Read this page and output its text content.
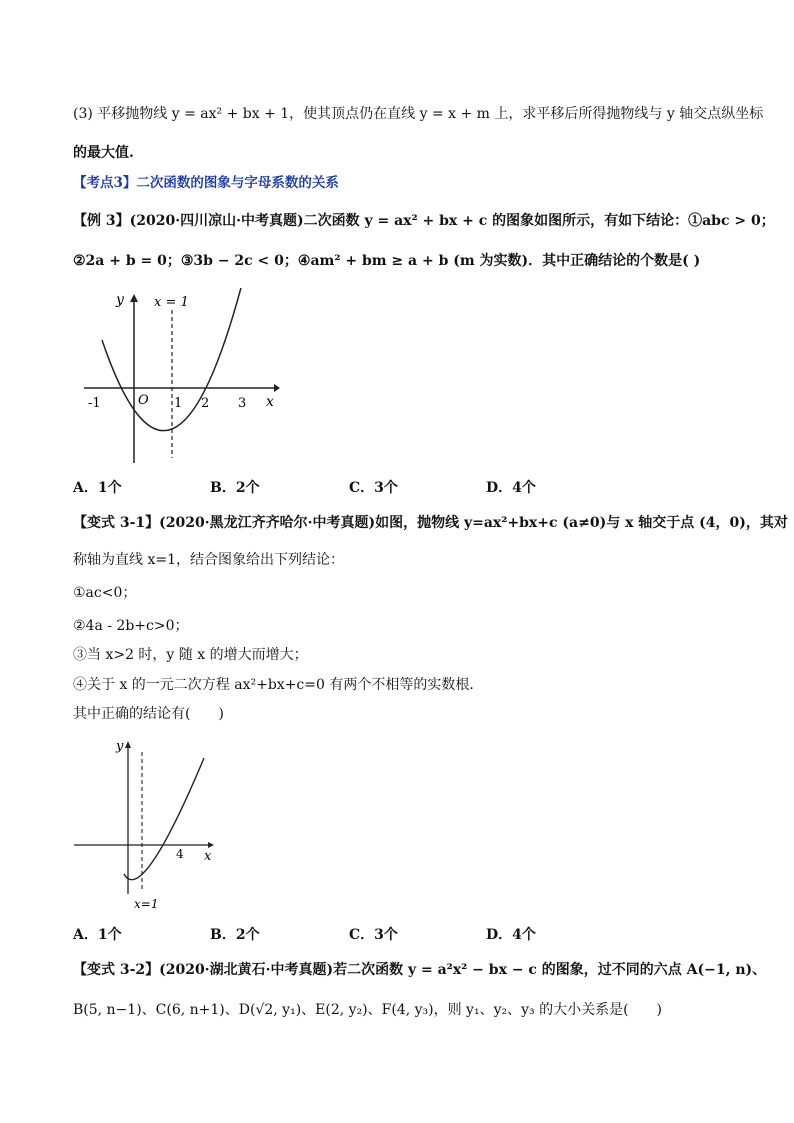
(3) 平移抛物线 y = ax² + bx + 1，使其顶点仍在直线 y = x + m 上，求平移后所得抛物线与 y 轴交点纵坐标
的最大值.
【考点3】二次函数的图象与字母系数的关系
【例 3】(2020·四川凉山·中考真题)二次函数 y = ax² + bx + c 的图象如图所示，有如下结论：①abc > 0；
②2a + b = 0；③3b − 2c < 0；④am² + bm ≥ a + b (m 为实数)．其中正确结论的个数是( )
y
x
x = 1
-1	O 1 2 3
A．1个	B．2个	C．3个	D．4个
【变式 3-1】(2020·黑龙江齐齐哈尔·中考真题)如图，抛物线 y=ax²+bx+c (a≠0)与 x 轴交于点 (4，0)，其对
称轴为直线 x=1，结合图象给出下列结论：
①ac<0；
②4a - 2b+c>0；
③当 x>2 时，y 随 x 的增大而增大；
④关于 x 的一元二次方程 ax²+bx+c=0 有两个不相等的实数根．
其中正确的结论有(　　)
y
x
4
x=1
A．1个	B．2个	C．3个	D．4个
【变式 3-2】(2020·湖北黄石·中考真题)若二次函数 y = a²x² − bx − c 的图象，过不同的六点 A(−1, n)、
B(5, n−1)、C(6, n+1)、D(√2, y₁)、E(2, y₂)、F(4, y₃)，则 y₁、y₂、y₃ 的大小关系是(　　)
